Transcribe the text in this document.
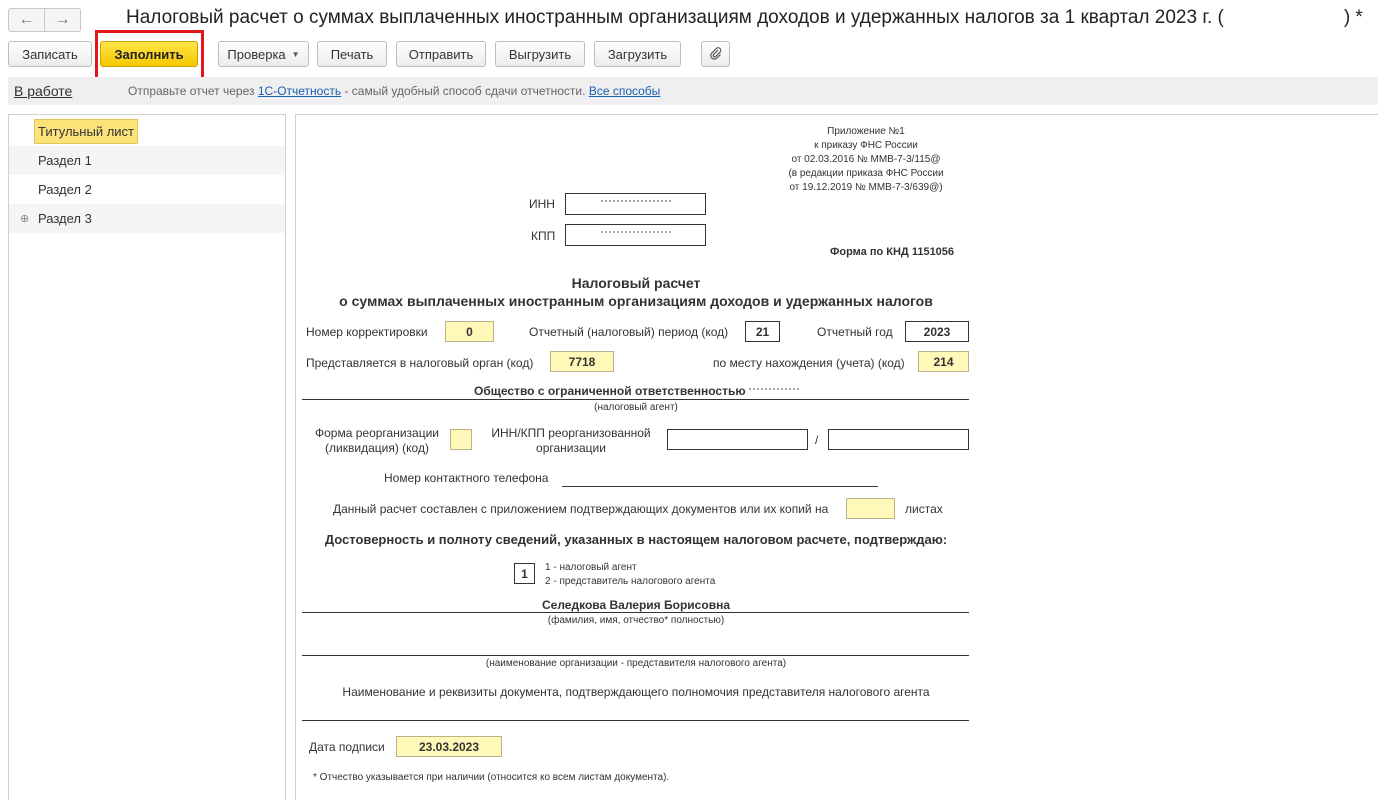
←	→	Налоговый расчет о суммах выплаченных иностранным организациям доходов и удержанных налогов за 1 квартал 2023 г. (	) *
Записать	Заполнить	Проверка ▼	Печать	Отправить	Выгрузить	Загрузить
В работе	Отправьте отчет через 1С-Отчетность - самый удобный способ сдачи отчетности. Все способы
Титульный лист
Раздел 1
Раздел 2
⊕ Раздел 3
Приложение №1
к приказу ФНС России
от 02.03.2016 № ММВ-7-3/115@
(в редакции приказа ФНС России
от 19.12.2019 № ММВ-7-3/639@)
ИНН
КПП
Форма по КНД 1151056
Налоговый расчет
о суммах выплаченных иностранным организациям доходов и удержанных налогов
Номер корректировки	0	Отчетный (налоговый) период (код)	21	Отчетный год	2023
Представляется в налоговый орган (код)	7718	по месту нахождения (учета) (код)	214
Общество с ограниченной ответственностью
(налоговый агент)
Форма реорганизации
(ликвидация) (код)
ИНН/КПП реорганизованной
организации
/
Номер контактного телефона
Данный расчет составлен с приложением подтверждающих документов или их копий на	листах
Достоверность и полноту сведений, указанных в настоящем налоговом расчете, подтверждаю:
1	1 - налоговый агент
2 - представитель налогового агента
Селедкова Валерия Борисовна
(фамилия, имя, отчество* полностью)
(наименование организации - представителя налогового агента)
Наименование и реквизиты документа, подтверждающего полномочия представителя налогового агента
Дата подписи	23.03.2023
* Отчество указывается при наличии (относится ко всем листам документа).
